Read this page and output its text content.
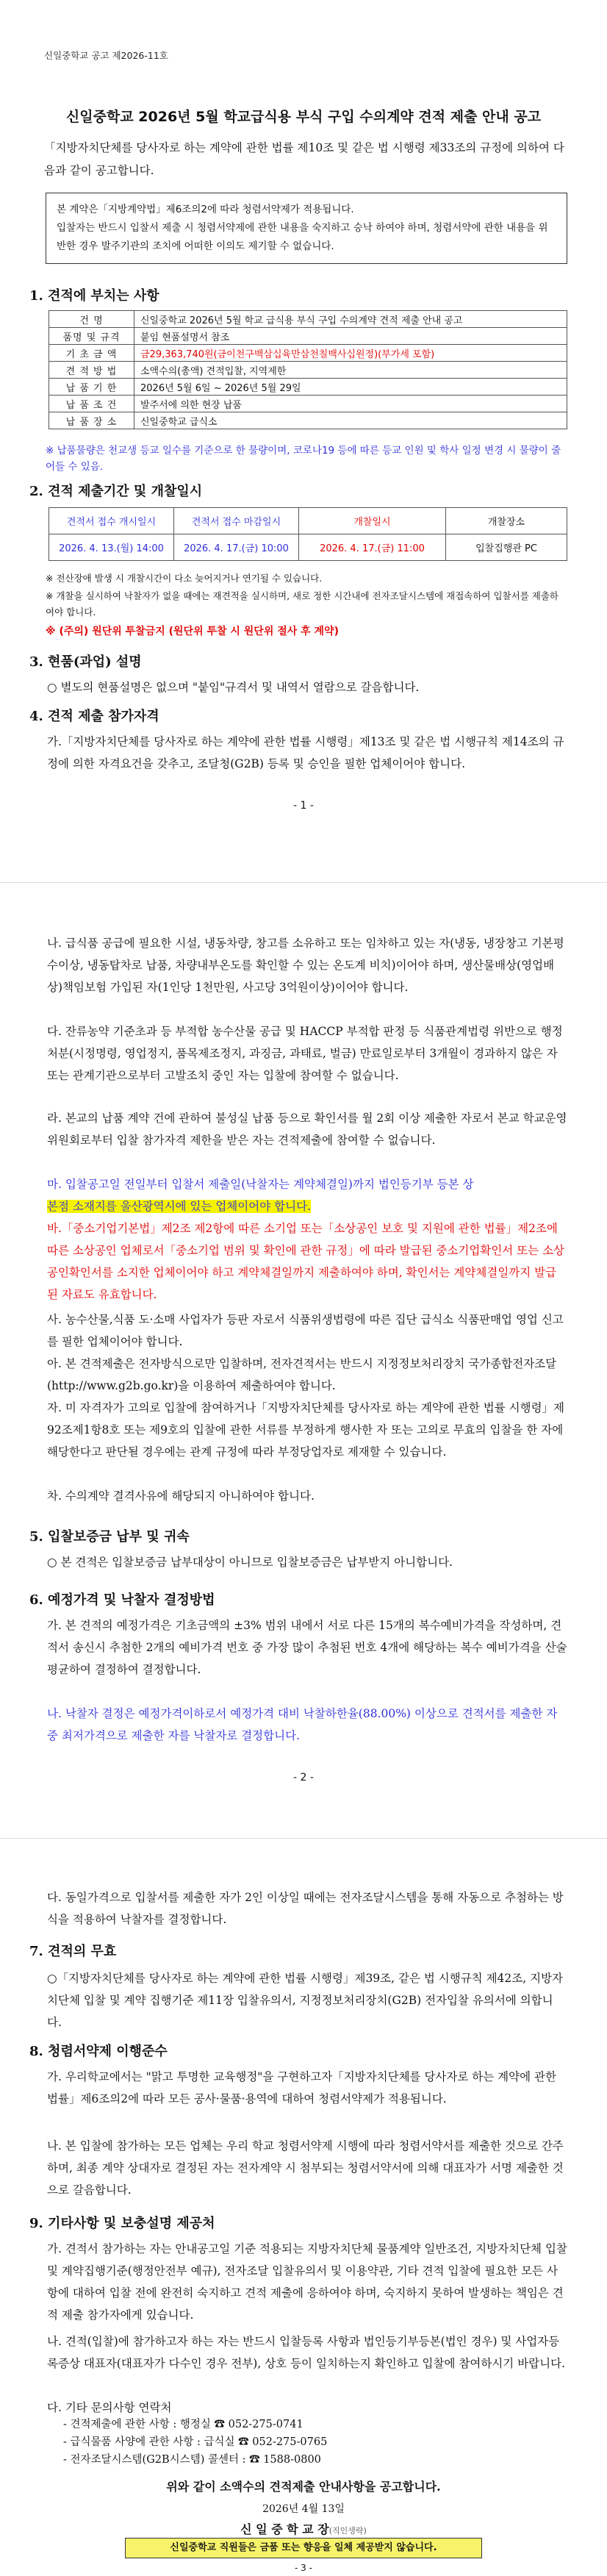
신일중학교 공고 제2026-11호
신일중학교 2026년 5월 학교급식용 부식 구입 수의계약 견적 제출 안내 공고
「지방자치단체를 당사자로 하는 계약에 관한 법률 제10조 및 같은 법 시행령 제33조의 규정에 의하여 다음과 같이 공고합니다.
본 계약은「지방계약법」제6조의2에 따라 청렴서약제가 적용됩니다.
입찰자는 반드시 입찰서 제출 시 청렴서약제에 관한 내용을 숙지하고 승낙 하여야 하며, 청렴서약에 관한 내용을 위반한 경우 발주기관의 조치에 어떠한 이의도 제기할 수 없습니다.
1. 견적에 부치는 사항
건 명	신일중학교 2026년 5월 학교 급식용 부식 구입 수의계약 견적 제출 안내 공고
품명 및 규격	붙임 현품설명서 참조
기 초 금 액	금29,363,740원(금이천구백삼십육만삼천칠백사십원정)(부가세 포함)
견 적 방 법	소액수의(총액) 견적입찰, 지역제한
납 품 기 한	2026년 5월 6일 ~ 2026년 5월 29일
납 품 조 건	발주서에 의한 현장 납품
납 품 장 소	신일중학교 급식소
※ 납품물량은 천교생 등교 일수를 기준으로 한 물량이며, 코로나19 등에 따른 등교 인원 및 학사 일정 변경 시 물량이 줄어들 수 있음.
2. 견적 제출기간 및 개찰일시
견적서 접수 개시일시	견적서 접수 마감일시	개찰일시	개찰장소
2026. 4. 13.(월) 14:00	2026. 4. 17.(금) 10:00	2026. 4. 17.(금) 11:00	입찰집행관 PC
※ 전산장애 발생 시 개찰시간이 다소 늦어지거나 연기될 수 있습니다.
※ 개찰을 실시하여 낙찰자가 없을 때에는 재견적을 실시하며, 새로 정한 시간내에 전자조달시스템에 재접속하여 입찰서를 제출하여야 합니다.
※ (주의) 원단위 투찰금지 (원단위 투찰 시 원단위 절사 후 계약)
3. 현품(과업) 설명
○ 별도의 현품설명은 없으며 "붙임"규격서 및 내역서 열람으로 갈음합니다.
4. 견적 제출 참가자격
가.「지방자치단체를 당사자로 하는 계약에 관한 법률 시행령」제13조 및 같은 법 시행규칙 제14조의 규정에 의한 자격요건을 갖추고, 조달청(G2B) 등록 및 승인을 필한 업체이어야 합니다.
- 1 -
나. 급식품 공급에 필요한 시설, 냉동차량, 창고를 소유하고 또는 임차하고 있는 자(냉동, 냉장창고 기본평수이상, 냉동탑차로 납품, 차량내부온도를 확인할 수 있는 온도계 비치)이어야 하며, 생산물배상(영업배상)책임보험 가입된 자(1인당 1천만원, 사고당 3억원이상)이어야 합니다.
다. 잔류농약 기준초과 등 부적합 농수산물 공급 및 HACCP 부적합 판정 등 식품관계법령 위반으로 행정처분(시정명령, 영업정지, 품목제조정지, 과징금, 과태료, 벌금) 만료일로부터 3개월이 경과하지 않은 자 또는 관계기관으로부터 고발조치 중인 자는 입찰에 참여할 수 없습니다.
라. 본교의 납품 계약 건에 관하여 불성실 납품 등으로 확인서를 월 2회 이상 제출한 자로서 본교 학교운영위원회로부터 입찰 참가자격 제한을 받은 자는 견적제출에 참여할 수 없습니다.
마. 입찰공고일 전일부터 입찰서 제출일(낙찰자는 계약체결일)까지 법인등기부 등본 상
본점 소재지를 울산광역시에 있는 업체이어야 합니다.
바.「중소기업기본법」제2조 제2항에 따른 소기업 또는「소상공인 보호 및 지원에 관한 법률」제2조에 따른 소상공인 업체로서「중소기업 범위 및 확인에 관한 규정」에 따라 발급된 중소기업확인서 또는 소상공인확인서를 소지한 업체이어야 하고 계약체결일까지 제출하여야 하며, 확인서는 계약체결일까지 발급된 자료도 유효합니다.
사. 농수산물,식품 도·소매 사업자가 등판 자로서 식품위생법령에 따른 집단 급식소 식품판매업 영업 신고를 필한 업체이어야 합니다.
아. 본 견적제출은 전자방식으로만 입찰하며, 전자견적서는 반드시 지정정보처리장치 국가종합전자조달(http://www.g2b.go.kr)을 이용하여 제출하여야 합니다.
자. 미 자격자가 고의로 입찰에 참여하거나「지방자치단체를 당사자로 하는 계약에 관한 법률 시행령」제92조제1항8호 또는 제9호의 입찰에 관한 서류를 부정하게 행사한 자 또는 고의로 무효의 입찰을 한 자에 해당한다고 판단될 경우에는 관계 규정에 따라 부정당업자로 제재할 수 있습니다.
차. 수의계약 결격사유에 해당되지 아니하여야 합니다.
5. 입찰보증금 납부 및 귀속
○ 본 견적은 입찰보증금 납부대상이 아니므로 입찰보증금은 납부받지 아니합니다.
6. 예정가격 및 낙찰자 결정방법
가. 본 견적의 예정가격은 기초금액의 ±3% 범위 내에서 서로 다른 15개의 복수예비가격을 작성하며, 견적서 송신시 추첨한 2개의 예비가격 번호 중 가장 많이 추첨된 번호 4개에 해당하는 복수 예비가격을 산술평균하여 결정하여 결정합니다.
나. 낙찰자 결정은 예정가격이하로서 예정가격 대비 낙찰하한율(88.00%) 이상으로 견적서를 제출한 자 중 최저가격으로 제출한 자를 낙찰자로 결정합니다.
- 2 -
다. 동일가격으로 입찰서를 제출한 자가 2인 이상일 때에는 전자조달시스템을 통해 자동으로 추첨하는 방식을 적용하여 낙찰자를 결정합니다.
7. 견적의 무효
○「지방자치단체를 당사자로 하는 계약에 관한 법률 시행령」제39조, 같은 법 시행규칙 제42조, 지방자치단체 입찰 및 계약 집행기준 제11장 입찰유의서, 지정정보처리장치(G2B) 전자입찰 유의서에 의합니다.
8. 청렴서약제 이행준수
가. 우리학교에서는 "맑고 투명한 교육행정"을 구현하고자「지방자치단체를 당사자로 하는 계약에 관한 법률」제6조의2에 따라 모든 공사·물품·용역에 대하여 청렴서약제가 적용됩니다.
나. 본 입찰에 참가하는 모든 업체는 우리 학교 청렴서약제 시행에 따라 청렴서약서를 제출한 것으로 간주하며, 최종 계약 상대자로 결정된 자는 전자계약 시 첨부되는 청렴서약서에 의해 대표자가 서명 제출한 것으로 갈음합니다.
9. 기타사항 및 보충설명 제공처
가. 견적서 참가하는 자는 안내공고일 기준 적용되는 지방자치단체 물품계약 일반조건, 지방자치단체 입찰 및 계약집행기준(행정안전부 예규), 전자조달 입찰유의서 및 이용약관, 기타 견적 입찰에 필요한 모든 사항에 대하여 입찰 전에 완전히 숙지하고 견적 제출에 응하여야 하며, 숙지하지 못하여 발생하는 책임은 견적 제출 참가자에게 있습니다.
나. 견적(입찰)에 참가하고자 하는 자는 반드시 입찰등록 사항과 법인등기부등본(법인 경우) 및 사업자등록증상 대표자(대표자가 다수인 경우 전부), 상호 등이 일치하는지 확인하고 입찰에 참여하시기 바랍니다.
다. 기타 문의사항 연락처
- 견적제출에 관한 사항 : 행정실 ☎ 052-275-0741
- 급식물품 사양에 관한 사항 : 급식실 ☎ 052-275-0765
- 전자조달시스템(G2B시스템) 콜센터 : ☎ 1588-0800
위와 같이 소액수의 견적제출 안내사항을 공고합니다.
2026년 4월 13일
신 일 중 학 교 장(직인생략)
신일중학교 직원들은 금품 또는 향응을 일체 제공받지 않습니다.
- 3 -
